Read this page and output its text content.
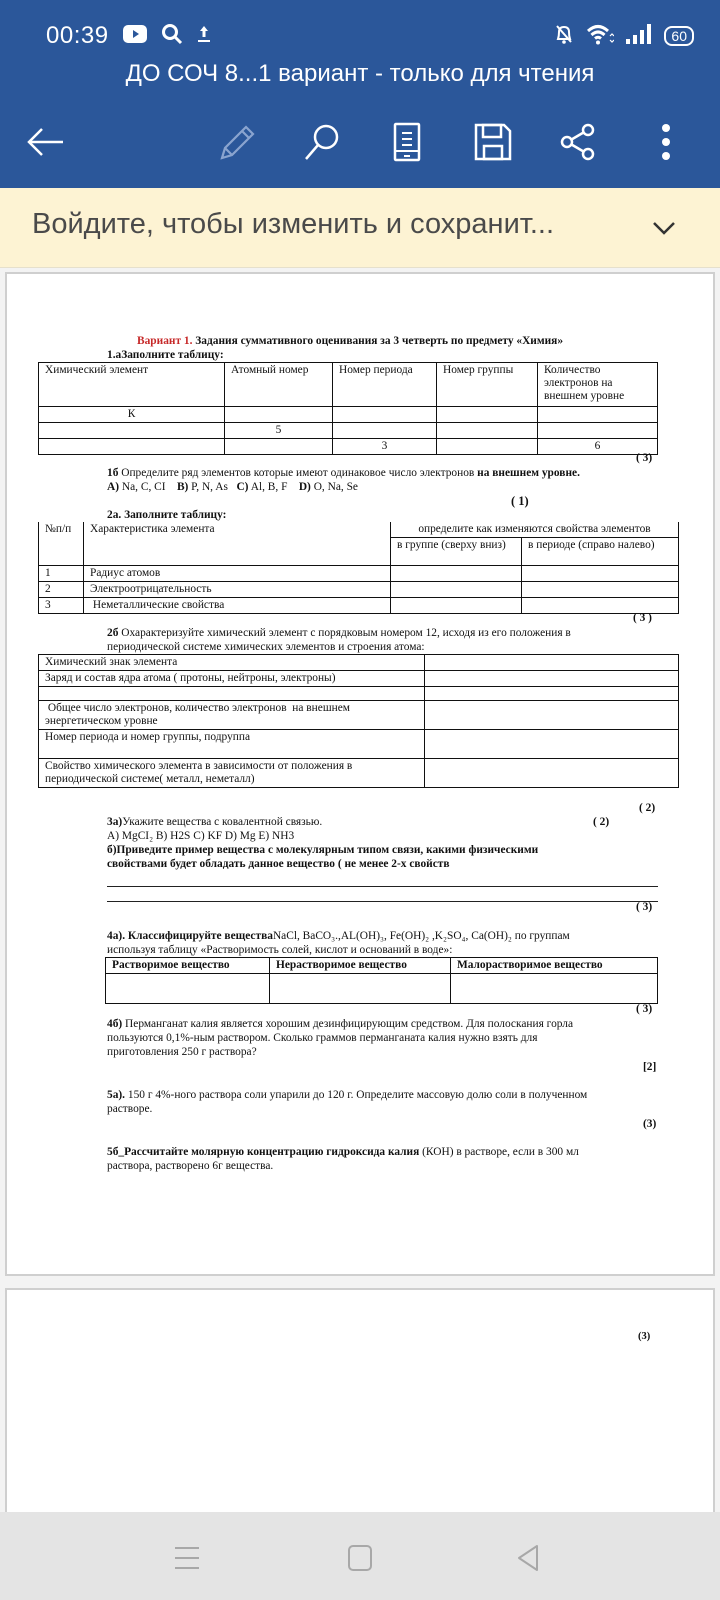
00:39	60
ДО СОЧ 8...1 вариант - только для чтения
Войдите, чтобы изменить и сохранит...
Вариант 1. Задания суммативного оценивания за 3 четверть по предмету «Химия»
1.аЗаполните таблицу:
Химический элемент	Атомный номер	Номер периода	Номер группы	Количество электронов на внешнем уровне
К				
	5			
		3		6
( 3)
1б Определите ряд элементов которые имеют одинаковое число электронов на внешнем уровне.
A) Na, C, CI B) P, N, As C) Al, B, F D) O, Na, Se
( 1)
2а. Заполните таблицу:
№п/п	Характеристика элемента	определите как изменяются свойства элементов	
		в группе (сверху вниз)	в периоде (справо налево)
1	Радиус атомов		
2	Электроотрицательность		
3	Неметаллические свойства		
( 3 )
2б Охарактеризуйте химический элемент с порядковым номером 12, исходя из его положения в
периодической системе химических элементов и строения атома:
Химический знак элемента	
Заряд и состав ядра атома ( протоны, нейтроны, электроны)	

Общее число электронов, количество электронов  на внешнем энергетическом уровне	
Номер периода и номер группы, подруппа	
Свойство химического элемента в зависимости от положения в периодической системе( металл, неметалл)	
( 2)
3а)Укажите вещества с ковалентной связью.	( 2)
А) MgCI₂ В) H2S С) KF D) Mg E) NH3
б)Приведите пример вещества с молекулярным типом связи, какими физическими
свойствами будет обладать данное вещество ( не менее 2-х свойств
( 3)
4а). Классифицируйте веществаNaCl, BaCO₃.,AL(OH)₃, Fe(OH)₂ ,K₂SO₄, Ca(OH)₂ по группам
используя таблицу «Растворимость солей, кислот и оснований в воде»:
Растворимое вещество	Нерастворимое вещество	Малорастворимое вещество

( 3)
4б) Перманганат калия является хорошим дезинфицирующим средством. Для полоскания горла
пользуются 0,1%-ным раствором. Сколько граммов перманганата калия нужно взять для
приготовления 250 г раствора?
[2]
5а). 150 г 4%-ного раствора соли упарили до 120 г. Определите массовую долю соли в полученном
растворе.
(3)
5б_Рассчитайте молярную концентрацию гидроксида калия (КОН) в растворе, если в 300 мл
раствора, растворено 6г вещества.
(3)
